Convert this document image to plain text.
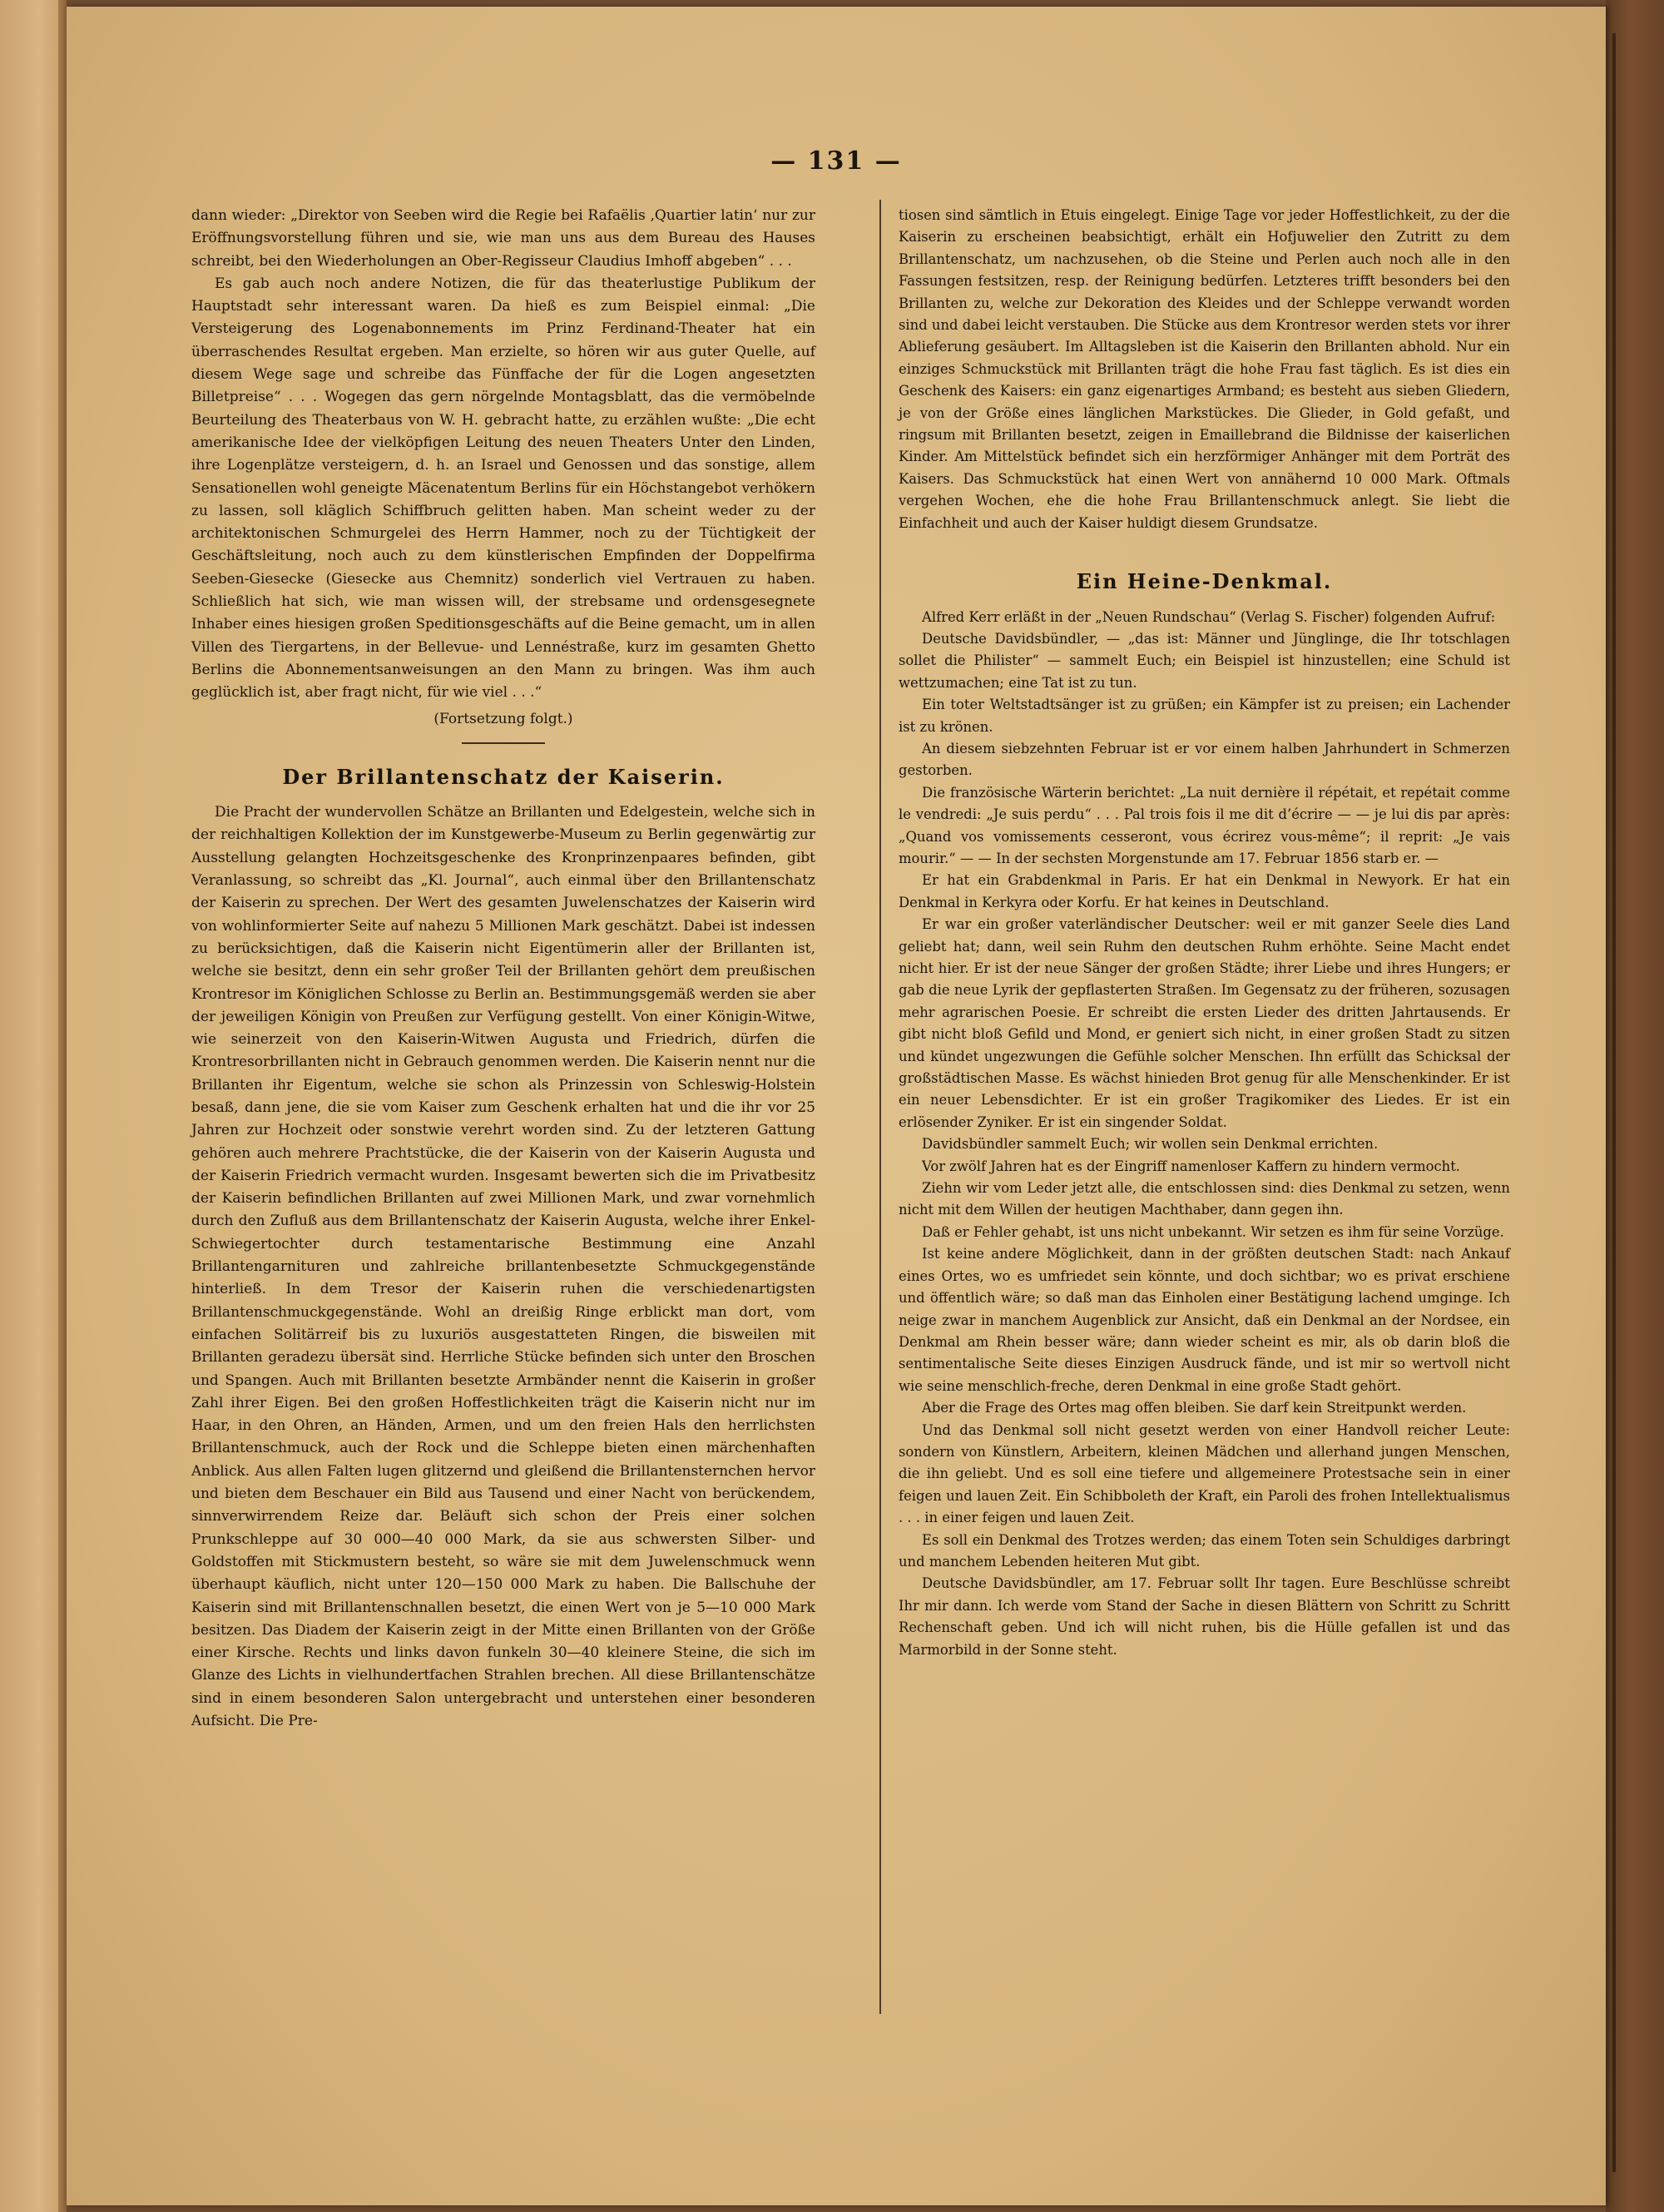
— 131 —

dann wieder: „Direktor von Seeben wird die Regie bei Rafaëlis ‚Quartier latin‘ nur zur Eröffnungsvorstellung führen und sie, wie man uns aus dem Bureau des Hauses schreibt, bei den Wiederholungen an Ober-Regisseur Claudius Imhoff abgeben“ . . .

Es gab auch noch andere Notizen, die für das theaterlustige Publikum der Hauptstadt sehr interessant waren. Da hieß es zum Beispiel einmal: „Die Versteigerung des Logenabonnements im Prinz Ferdinand-Theater hat ein überraschendes Resultat ergeben. Man erzielte, so hören wir aus guter Quelle, auf diesem Wege sage und schreibe das Fünffache der für die Logen angesetzten Billetpreise“ . . . Wogegen das gern nörgelnde Montagsblatt, das die vermöbelnde Beurteilung des Theaterbaus von W. H. gebracht hatte, zu erzählen wußte: „Die echt amerikanische Idee der vielköpfigen Leitung des neuen Theaters Unter den Linden, ihre Logenplätze versteigern, d. h. an Israel und Genossen und das sonstige, allem Sensationellen wohl geneigte Mäcenatentum Berlins für ein Höchstangebot verhökern zu lassen, soll kläglich Schiffbruch gelitten haben. Man scheint weder zu der architektonischen Schmurgelei des Herrn Hammer, noch zu der Tüchtigkeit der Geschäftsleitung, noch auch zu dem künstlerischen Empfinden der Doppelfirma Seeben-Giesecke (Giesecke aus Chemnitz) sonderlich viel Vertrauen zu haben. Schließlich hat sich, wie man wissen will, der strebsame und ordensgesegnete Inhaber eines hiesigen großen Speditionsgeschäfts auf die Beine gemacht, um in allen Villen des Tiergartens, in der Bellevue- und Lennéstraße, kurz im gesamten Ghetto Berlins die Abonnementsanweisungen an den Mann zu bringen. Was ihm auch geglücklich ist, aber fragt nicht, für wie viel . . .“

(Fortsetzung folgt.)
Der Brillantenschatz der Kaiserin.

Die Pracht der wundervollen Schätze an Brillanten und Edelgestein, welche sich in der reichhaltigen Kollektion der im Kunstgewerbe-Museum zu Berlin gegenwärtig zur Ausstellung gelangten Hochzeitsgeschenke des Kronprinzenpaares befinden, gibt Veranlassung, so schreibt das „Kl. Journal“, auch einmal über den Brillantenschatz der Kaiserin zu sprechen. Der Wert des gesamten Juwelenschatzes der Kaiserin wird von wohlinformierter Seite auf nahezu 5 Millionen Mark geschätzt. Dabei ist indessen zu berücksichtigen, daß die Kaiserin nicht Eigentümerin aller der Brillanten ist, welche sie besitzt, denn ein sehr großer Teil der Brillanten gehört dem preußischen Krontresor im Königlichen Schlosse zu Berlin an. Bestimmungsgemäß werden sie aber der jeweiligen Königin von Preußen zur Verfügung gestellt. Von einer Königin-Witwe, wie seinerzeit von den Kaiserin-Witwen Augusta und Friedrich, dürfen die Krontresorbrillanten nicht in Gebrauch genommen werden. Die Kaiserin nennt nur die Brillanten ihr Eigentum, welche sie schon als Prinzessin von Schleswig-Holstein besaß, dann jene, die sie vom Kaiser zum Geschenk erhalten hat und die ihr vor 25 Jahren zur Hochzeit oder sonstwie verehrt worden sind. Zu der letzteren Gattung gehören auch mehrere Prachtstücke, die der Kaiserin von der Kaiserin Augusta und der Kaiserin Friedrich vermacht wurden. Insgesamt bewerten sich die im Privatbesitz der Kaiserin befindlichen Brillanten auf zwei Millionen Mark, und zwar vornehmlich durch den Zufluß aus dem Brillantenschatz der Kaiserin Augusta, welche ihrer Enkel-Schwiegertochter durch testamentarische Bestimmung eine Anzahl Brillantengarnituren und zahlreiche brillantenbesetzte Schmuckgegenstände hinterließ. In dem Tresor der Kaiserin ruhen die verschiedenartigsten Brillantenschmuckgegenstände. Wohl an dreißig Ringe erblickt man dort, vom einfachen Solitärreif bis zu luxuriös ausgestatteten Ringen, die bisweilen mit Brillanten geradezu übersät sind. Herrliche Stücke befinden sich unter den Broschen und Spangen. Auch mit Brillanten besetzte Armbänder nennt die Kaiserin in großer Zahl ihrer Eigen. Bei den großen Hoffestlichkeiten trägt die Kaiserin nicht nur im Haar, in den Ohren, an Händen, Armen, und um den freien Hals den herrlichsten Brillantenschmuck, auch der Rock und die Schleppe bieten einen märchenhaften Anblick. Aus allen Falten lugen glitzernd und gleißend die Brillantensternchen hervor und bieten dem Beschauer ein Bild aus Tausend und einer Nacht von berückendem, sinnverwirrendem Reize dar. Beläuft sich schon der Preis einer solchen Prunkschleppe auf 30 000—40 000 Mark, da sie aus schwersten Silber- und Goldstoffen mit Stickmustern besteht, so wäre sie mit dem Juwelenschmuck wenn überhaupt käuflich, nicht unter 120—150 000 Mark zu haben. Die Ballschuhe der Kaiserin sind mit Brillantenschnallen besetzt, die einen Wert von je 5—10 000 Mark besitzen. Das Diadem der Kaiserin zeigt in der Mitte einen Brillanten von der Größe einer Kirsche. Rechts und links davon funkeln 30—40 kleinere Steine, die sich im Glanze des Lichts in vielhundertfachen Strahlen brechen. All diese Brillantenschätze sind in einem besonderen Salon untergebracht und unterstehen einer besonderen Aufsicht. Die Pre-

tiosen sind sämtlich in Etuis eingelegt. Einige Tage vor jeder Hoffestlichkeit, zu der die Kaiserin zu erscheinen beabsichtigt, erhält ein Hofjuwelier den Zutritt zu dem Brillantenschatz, um nachzusehen, ob die Steine und Perlen auch noch alle in den Fassungen festsitzen, resp. der Reinigung bedürfen. Letzteres trifft besonders bei den Brillanten zu, welche zur Dekoration des Kleides und der Schleppe verwandt worden sind und dabei leicht verstauben. Die Stücke aus dem Krontresor werden stets vor ihrer Ablieferung gesäubert. Im Alltagsleben ist die Kaiserin den Brillanten abhold. Nur ein einziges Schmuckstück mit Brillanten trägt die hohe Frau fast täglich. Es ist dies ein Geschenk des Kaisers: ein ganz eigenartiges Armband; es besteht aus sieben Gliedern, je von der Größe eines länglichen Markstückes. Die Glieder, in Gold gefaßt, und ringsum mit Brillanten besetzt, zeigen in Emaillebrand die Bildnisse der kaiserlichen Kinder. Am Mittelstück befindet sich ein herzförmiger Anhänger mit dem Porträt des Kaisers. Das Schmuckstück hat einen Wert von annähernd 10 000 Mark. Oftmals vergehen Wochen, ehe die hohe Frau Brillantenschmuck anlegt. Sie liebt die Einfachheit und auch der Kaiser huldigt diesem Grundsatze.

Ein Heine-Denkmal.

Alfred Kerr erläßt in der „Neuen Rundschau“ (Verlag S. Fischer) folgenden Aufruf:

Deutsche Davidsbündler, — „das ist: Männer und Jünglinge, die Ihr totschlagen sollet die Philister“ — sammelt Euch; ein Beispiel ist hinzustellen; eine Schuld ist wettzumachen; eine Tat ist zu tun.

Ein toter Weltstadtsänger ist zu grüßen; ein Kämpfer ist zu preisen; ein Lachender ist zu krönen.

An diesem siebzehnten Februar ist er vor einem halben Jahrhundert in Schmerzen gestorben.

Die französische Wärterin berichtet: „La nuit dernière il répétait, et repétait comme le vendredi: „Je suis perdu“ . . . Pal trois fois il me dit d’écrire — — je lui dis par après: „Quand vos vomissements cesseront, vous écrirez vous-même“; il reprit: „Je vais mourir.“ — — In der sechsten Morgenstunde am 17. Februar 1856 starb er. —

Er hat ein Grabdenkmal in Paris. Er hat ein Denkmal in Newyork. Er hat ein Denkmal in Kerkyra oder Korfu. Er hat keines in Deutschland.

Er war ein großer vaterländischer Deutscher: weil er mit ganzer Seele dies Land geliebt hat; dann, weil sein Ruhm den deutschen Ruhm erhöhte. Seine Macht endet nicht hier. Er ist der neue Sänger der großen Städte; ihrer Liebe und ihres Hungers; er gab die neue Lyrik der gepflasterten Straßen. Im Gegensatz zu der früheren, sozusagen mehr agrarischen Poesie. Er schreibt die ersten Lieder des dritten Jahrtausends. Er gibt nicht bloß Gefild und Mond, er geniert sich nicht, in einer großen Stadt zu sitzen und kündet ungezwungen die Gefühle solcher Menschen. Ihn erfüllt das Schicksal der großstädtischen Masse. Es wächst hinieden Brot genug für alle Menschenkinder. Er ist ein neuer Lebensdichter. Er ist ein großer Tragikomiker des Liedes. Er ist ein erlösender Zyniker. Er ist ein singender Soldat.

Davidsbündler sammelt Euch; wir wollen sein Denkmal errichten.

Vor zwölf Jahren hat es der Eingriff namenloser Kaffern zu hindern vermocht.

Ziehn wir vom Leder jetzt alle, die entschlossen sind: dies Denkmal zu setzen, wenn nicht mit dem Willen der heutigen Machthaber, dann gegen ihn.

Daß er Fehler gehabt, ist uns nicht unbekannt. Wir setzen es ihm für seine Vorzüge.

Ist keine andere Möglichkeit, dann in der größten deutschen Stadt: nach Ankauf eines Ortes, wo es umfriedet sein könnte, und doch sichtbar; wo es privat erschiene und öffentlich wäre; so daß man das Einholen einer Bestätigung lachend umginge. Ich neige zwar in manchem Augenblick zur Ansicht, daß ein Denkmal an der Nordsee, ein Denkmal am Rhein besser wäre; dann wieder scheint es mir, als ob darin bloß die sentimentalische Seite dieses Einzigen Ausdruck fände, und ist mir so wertvoll nicht wie seine menschlich-freche, deren Denkmal in eine große Stadt gehört.

Aber die Frage des Ortes mag offen bleiben. Sie darf kein Streitpunkt werden.

Und das Denkmal soll nicht gesetzt werden von einer Handvoll reicher Leute: sondern von Künstlern, Arbeitern, kleinen Mädchen und allerhand jungen Menschen, die ihn geliebt. Und es soll eine tiefere und allgemeinere Protestsache sein in einer feigen und lauen Zeit. Ein Schibboleth der Kraft, ein Paroli des frohen Intellektualismus . . . in einer feigen und lauen Zeit.

Es soll ein Denkmal des Trotzes werden; das einem Toten sein Schuldiges darbringt und manchem Lebenden heiteren Mut gibt.

Deutsche Davidsbündler, am 17. Februar sollt Ihr tagen. Eure Beschlüsse schreibt Ihr mir dann. Ich werde vom Stand der Sache in diesen Blättern von Schritt zu Schritt Rechenschaft geben. Und ich will nicht ruhen, bis die Hülle gefallen ist und das Marmorbild in der Sonne steht.
